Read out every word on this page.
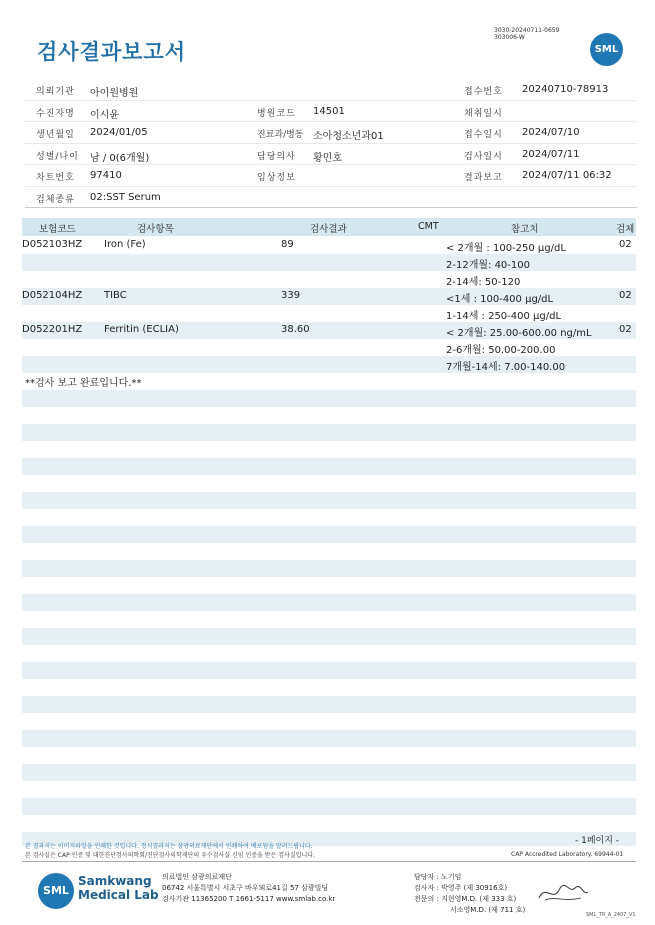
검사결과보고서
3030-20240711-0659
303006-W
SML
의뢰기관 아이원병원	접수번호 20240710-78913
수진자명 이시윤	병원코드 14501	채취일시
생년월일 2024/01/05	진료과/병동 소아청소년과01	접수일시 2024/07/10
성별/나이 남 / 0(6개월)	담당의사 황민호	검사일시 2024/07/11
차트번호 97410	임상정보	결과보고 2024/07/11 06:32
검체종류 02:SST Serum
보험코드	검사항목	검사결과	CMT	참고치	검체
D052103HZ Iron (Fe)	89	< 2개월 : 100-250 μg/dL	02
2-12개월: 40-100
2-14세: 50-120
D052104HZ TIBC	339	<1세 : 100-400 μg/dL	02
1-14세 : 250-400 μg/dL
D052201HZ Ferritin (ECLIA)	38.60	< 2개월: 25.00-600.00 ng/mL	02
2-6개월: 50.00-200.00
7개월-14세: 7.00-140.00
**검사 보고 완료입니다.**
본 결과지는 이미지파일을 인쇄한 것입니다. 정식결과지는 삼광의료재단에서 인쇄하여 배포됨을 알려드립니다.
본 검사실은 CAP 인증 및 대한진단검사의학회/진단검사의학재단의 우수검사실 신임 인증을 받은 검사실입니다.
- 1페이지 -
CAP Accredited Laboratory. 69944-01
SML
Samkwang
Medical Lab
의료법인 삼광의료재단
06742 서울특별시 서초구 바우뫼로41길 57 삼광빌딩
검사기관 11365200 T 1661-5117 www.smlab.co.kr
담당자 : 노기임
검사자 : 박영주 (제 30916호)
전문의 : 지현영M.D. (제 333 호)
서소영M.D. (제 711 호)
SML_TR_A_2407_V1
